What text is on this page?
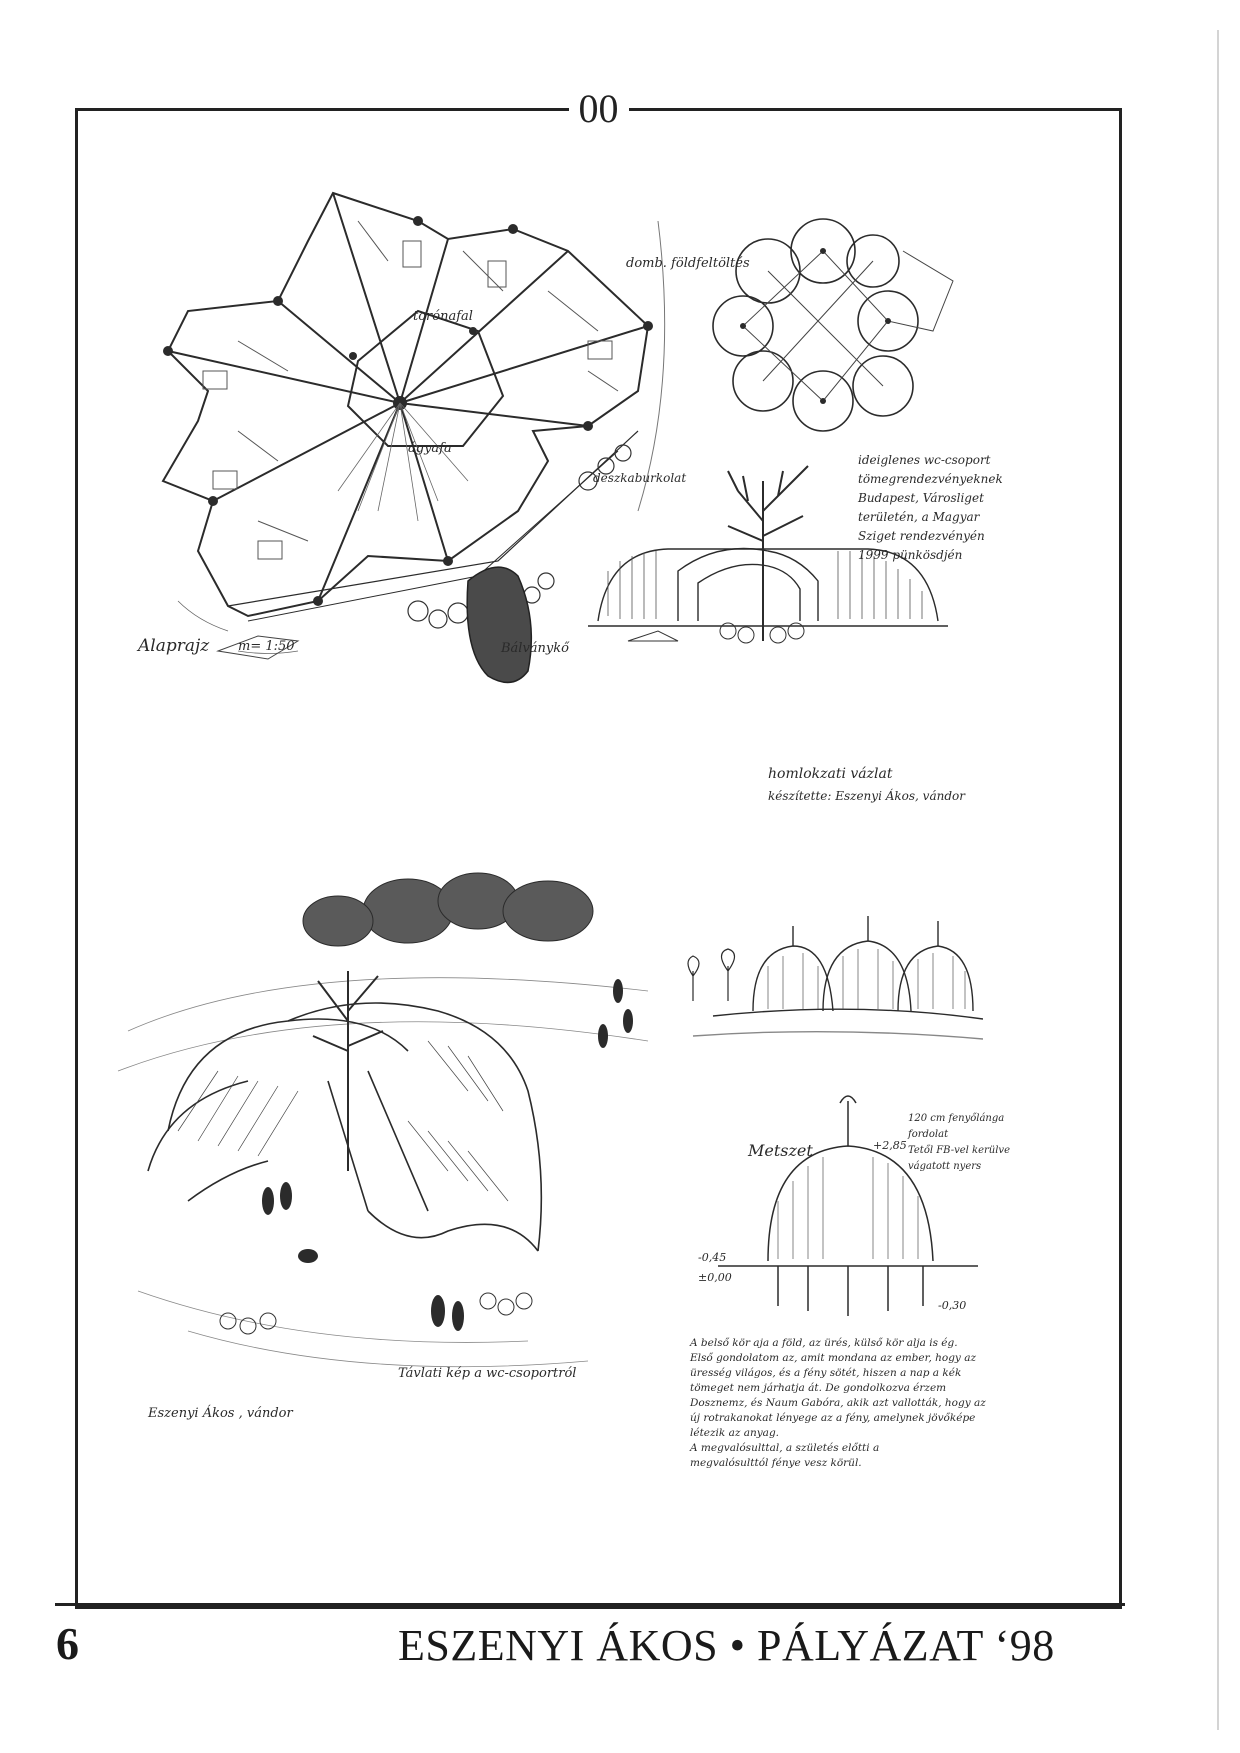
00
domb. földfeltöltés
torónafal
ágyafa
deszkaburkolat
Alaprajz m= 1:50	Bálványkő
homlokzati vázlat
készítette: Eszenyi Ákos, vándor
ideiglenes wc-csoport
tömegrendezvényeknek
Budapest, Városliget
területén, a Magyar
Sziget rendezvényén
1999 pünkösdjén
Távlati kép a wc-csoportról
Eszenyi Ákos , vándor
Metszet	+2,85
-0,45
±0,00
-0,30
120 cm fenyőlánga
fordolat
Tetől FB-vel kerülve
vágatott nyers
A belső kör aja a föld, az ürés, külső kör alja is ég.
Első gondolatom az, amit mondana az ember, hogy az
üresség világos, és a fény sötét, hiszen a nap a kék
tömeget nem járhatja át. De gondolkozva érzem
Dosznemz, és Naum Gabóra, akik azt vallották, hogy az
új rotrakanokat lényege az a fény, amelynek jövőképe
létezik az anyag.
A megvalósulttal, a születés előtti a
megvalósulttól fénye vesz körül.
6	ESZENYI ÁKOS • PÁLYÁZAT ‘98
